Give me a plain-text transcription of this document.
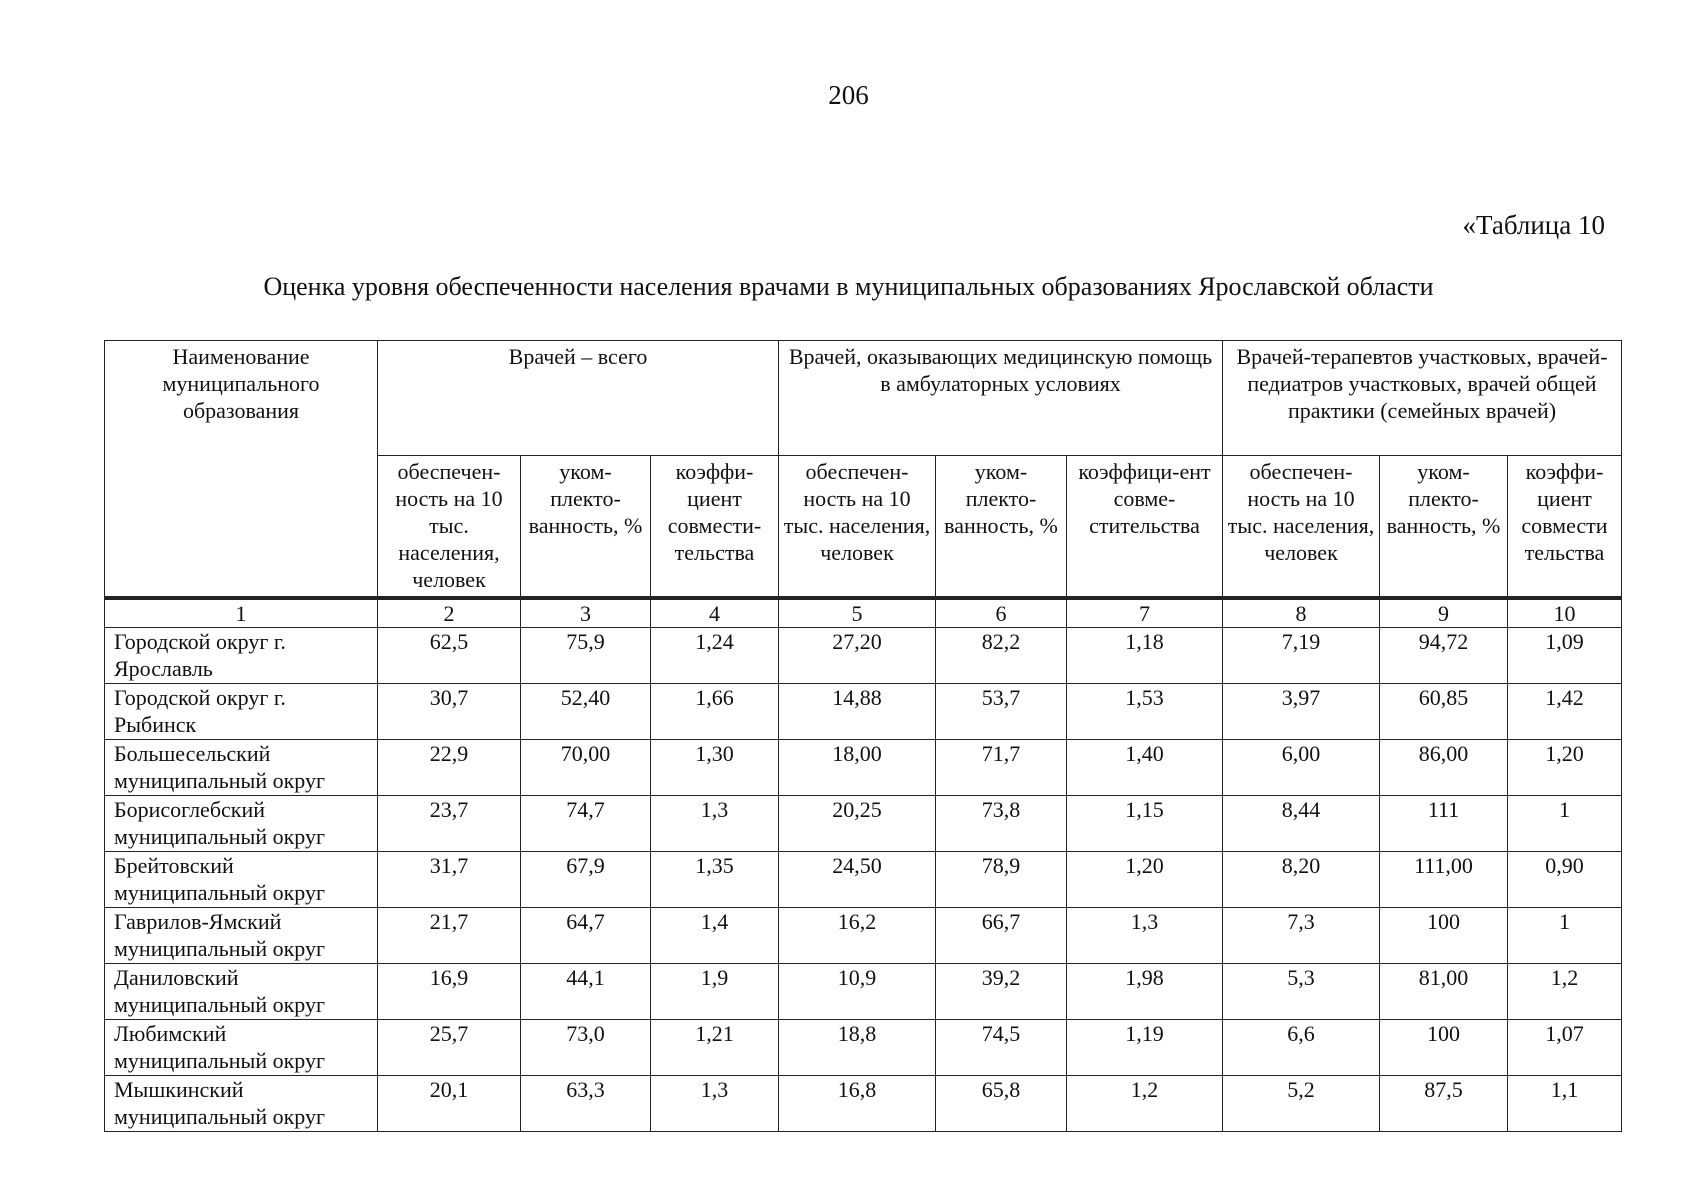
206
«Таблица 10
Оценка уровня обеспеченности населения врачами в муниципальных образованиях Ярославской области
Наименование муниципального образования	Врачей – всего			Врачей, оказывающих медицинскую помощь в амбулаторных условиях			Врачей-терапевтов участковых, врачей-педиатров участковых, врачей общей практики (семейных врачей)		
	обеспечен-ность на 10 тыс. населения, человек	уком-плекто-ванность, %	коэффи-циент совмести-тельства	обеспечен-ность на 10 тыс. населения, человек	уком-плекто-ванность, %	коэффици-ент совме-стительства	обеспечен-ность на 10 тыс. населения, человек	уком-плекто-ванность, %	коэффи-циент совмести тельства
1	2	3	4	5	6	7	8	9	10
Городской округ г. Ярославль	62,5	75,9	1,24	27,20	82,2	1,18	7,19	94,72	1,09
Городской округ г. Рыбинск	30,7	52,40	1,66	14,88	53,7	1,53	3,97	60,85	1,42
Большесельский муниципальный округ	22,9	70,00	1,30	18,00	71,7	1,40	6,00	86,00	1,20
Борисоглебский муниципальный округ	23,7	74,7	1,3	20,25	73,8	1,15	8,44	111	1
Брейтовский муниципальный округ	31,7	67,9	1,35	24,50	78,9	1,20	8,20	111,00	0,90
Гаврилов-Ямский муниципальный округ	21,7	64,7	1,4	16,2	66,7	1,3	7,3	100	1
Даниловский муниципальный округ	16,9	44,1	1,9	10,9	39,2	1,98	5,3	81,00	1,2
Любимский муниципальный округ	25,7	73,0	1,21	18,8	74,5	1,19	6,6	100	1,07
Мышкинский муниципальный округ	20,1	63,3	1,3	16,8	65,8	1,2	5,2	87,5	1,1
